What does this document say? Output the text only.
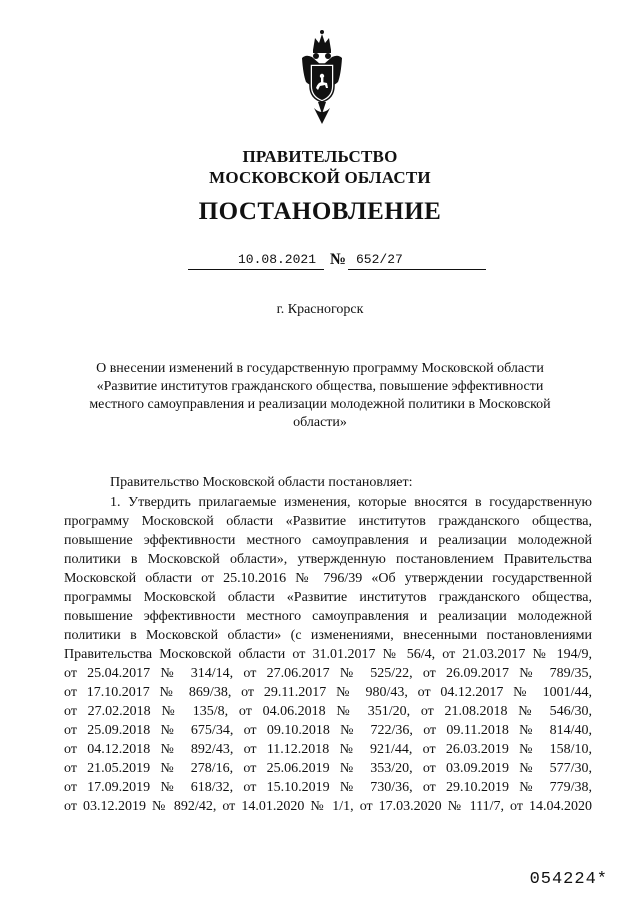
ПРАВИТЕЛЬСТВО
МОСКОВСКОЙ ОБЛАСТИ
ПОСТАНОВЛЕНИЕ
10.08.2021 № 652/27
г. Красногорск
О внесении изменений в государственную программу Московской области
«Развитие институтов гражданского общества, повышение эффективности
местного самоуправления и реализации молодежной политики в Московской
области»
Правительство Московской области постановляет:
1. Утвердить прилагаемые изменения, которые вносятся в государственную
программу Московской области «Развитие институтов гражданского общества,
повышение эффективности местного самоуправления и реализации молодежной
политики в Московской области», утвержденную постановлением Правительства
Московской области от 25.10.2016 № 796/39 «Об утверждении государственной
программы Московской области «Развитие институтов гражданского общества,
повышение эффективности местного самоуправления и реализации молодежной
политики в Московской области» (с изменениями, внесенными постановлениями
Правительства Московской области от 31.01.2017 № 56/4, от 21.03.2017 № 194/9,
от 25.04.2017 № 314/14, от 27.06.2017 № 525/22, от 26.09.2017 № 789/35,
от 17.10.2017 № 869/38, от 29.11.2017 № 980/43, от 04.12.2017 № 1001/44,
от 27.02.2018 № 135/8, от 04.06.2018 № 351/20, от 21.08.2018 № 546/30,
от 25.09.2018 № 675/34, от 09.10.2018 № 722/36, от 09.11.2018 № 814/40,
от 04.12.2018 № 892/43, от 11.12.2018 № 921/44, от 26.03.2019 № 158/10,
от 21.05.2019 № 278/16, от 25.06.2019 № 353/20, от 03.09.2019 № 577/30,
от 17.09.2019 № 618/32, от 15.10.2019 № 730/36, от 29.10.2019 № 779/38,
от 03.12.2019 № 892/42, от 14.01.2020 № 1/1, от 17.03.2020 № 111/7, от 14.04.2020
054224*
